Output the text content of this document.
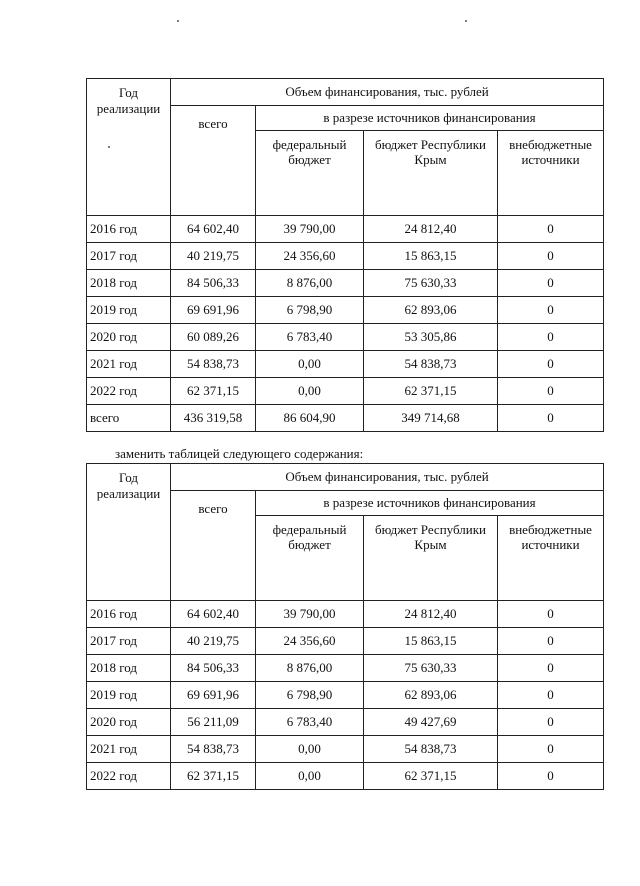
Год реализации	Объем финансирования, тыс. рублей			
	всего	в разрезе источников финансирования		
		федеральный бюджет	бюджет Республики Крым	внебюджетные источники
2016 год	64 602,40	39 790,00	24 812,40	0
2017 год	40 219,75	24 356,60	15 863,15	0
2018 год	84 506,33	8 876,00	75 630,33	0
2019 год	69 691,96	6 798,90	62 893,06	0
2020 год	60 089,26	6 783,40	53 305,86	0
2021 год	54 838,73	0,00	54 838,73	0
2022 год	62 371,15	0,00	62 371,15	0
всего	436 319,58	86 604,90	349 714,68	0
заменить таблицей следующего содержания:
Год реализации	Объем финансирования, тыс. рублей			
	всего	в разрезе источников финансирования		
		федеральный бюджет	бюджет Республики Крым	внебюджетные источники
2016 год	64 602,40	39 790,00	24 812,40	0
2017 год	40 219,75	24 356,60	15 863,15	0
2018 год	84 506,33	8 876,00	75 630,33	0
2019 год	69 691,96	6 798,90	62 893,06	0
2020 год	56 211,09	6 783,40	49 427,69	0
2021 год	54 838,73	0,00	54 838,73	0
2022 год	62 371,15	0,00	62 371,15	0
